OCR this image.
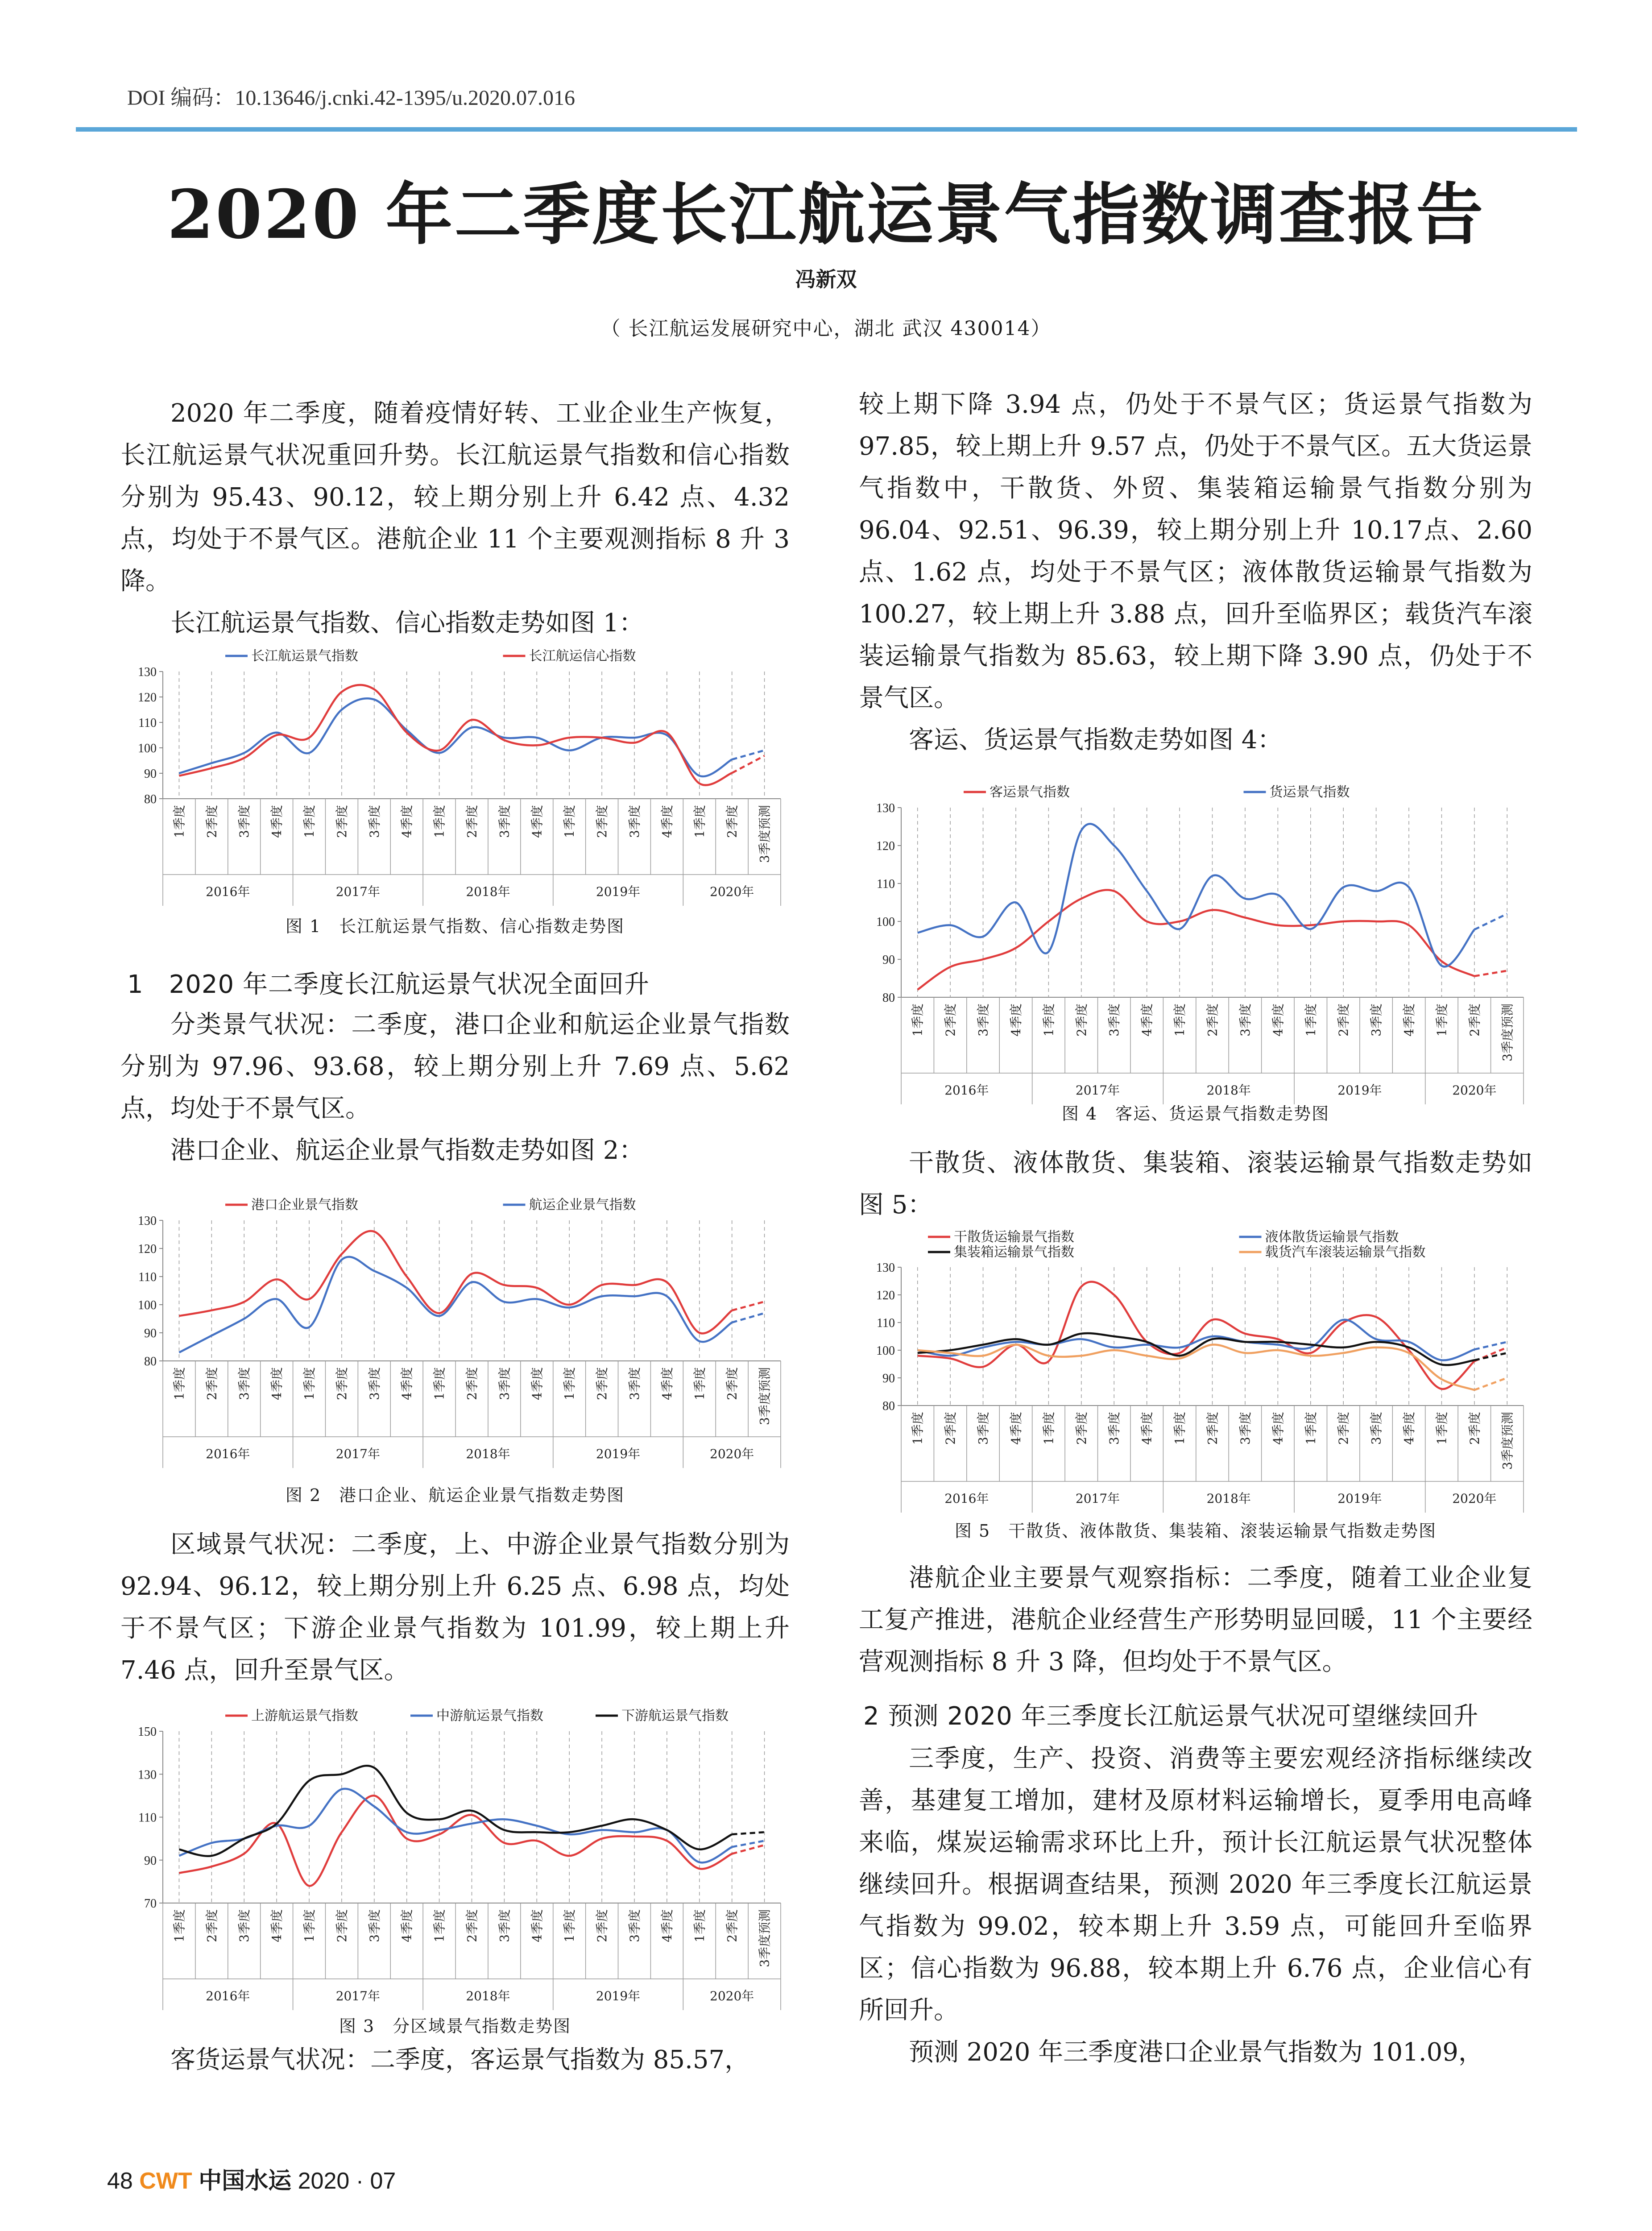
DOI 编码：10.13646/j.cnki.42-1395/u.2020.07.016
2020 年二季度长江航运景气指数调查报告
冯新双
（ 长江航运发展研究中心，湖北 武汉 430014）

2020 年二季度，随着疫情好转、工业企业生产恢复，长江航运景气状况重回升势。长江航运景气指数和信心指数分别为 95.43、90.12，较上期分别上升 6.42 点、4.32 点，均处于不景气区。港航企业 11 个主要观测指标 8 升 3 降。

长江航运景气指数、信心指数走势如图 1：

长江航运景气指数	长江航运信心指数
80
90
100
110
120
130
1季度 2季度 3季度 4季度 1季度 2季度 3季度 4季度 1季度 2季度 3季度 4季度 1季度 2季度 3季度 4季度 1季度 2季度 3季度预测
2016年	2017年	2018年	2019年	2020年
图 1　长江航运景气指数、信心指数走势图
1　2020 年二季度长江航运景气状况全面回升

分类景气状况：二季度，港口企业和航运企业景气指数分别为 97.96、93.68，较上期分别上升 7.69 点、5.62 点，均处于不景气区。

港口企业、航运企业景气指数走势如图 2：

港口企业景气指数	航运企业景气指数
80
90
100
110
120
130
1季度 2季度 3季度 4季度 1季度 2季度 3季度 4季度 1季度 2季度 3季度 4季度 1季度 2季度 3季度 4季度 1季度 2季度 3季度预测
2016年	2017年	2018年	2019年	2020年
图 2　港口企业、航运企业景气指数走势图

区域景气状况：二季度，上、中游企业景气指数分别为 92.94、96.12，较上期分别上升 6.25 点、6.98 点，均处于不景气区；下游企业景气指数为 101.99，较上期上升 7.46 点，回升至景气区。

上游航运景气指数	中游航运景气指数	下游航运景气指数
70
90
110
130
150
1季度 2季度 3季度 4季度 1季度 2季度 3季度 4季度 1季度 2季度 3季度 4季度 1季度 2季度 3季度 4季度 1季度 2季度 3季度预测
2016年	2017年	2018年	2019年	2020年
图 3　分区域景气指数走势图

客货运景气状况：二季度，客运景气指数为 85.57，

较上期下降 3.94 点，仍处于不景气区；货运景气指数为 97.85，较上期上升 9.57 点，仍处于不景气区。五大货运景气指数中，干散货、外贸、集装箱运输景气指数分别为96.04、92.51、96.39，较上期分别上升 10.17点、2.60点、1.62 点，均处于不景气区；液体散货运输景气指数为 100.27，较上期上升 3.88 点，回升至临界区；载货汽车滚装运输景气指数为 85.63，较上期下降 3.90 点，仍处于不景气区。

客运、货运景气指数走势如图 4：

客运景气指数	货运景气指数
80
90
100
110
120
130
1季度 2季度 3季度 4季度 1季度 2季度 3季度 4季度 1季度 2季度 3季度 4季度 1季度 2季度 3季度 4季度 1季度 2季度 3季度预测
2016年	2017年	2018年	2019年	2020年
图 4　客运、货运景气指数走势图

干散货、液体散货、集装箱、滚装运输景气指数走势如图 5：

干散货运输景气指数	液体散货运输景气指数
集装箱运输景气指数	载货汽车滚装运输景气指数
80
90
100
110
120
130
1季度 2季度 3季度 4季度 1季度 2季度 3季度 4季度 1季度 2季度 3季度 4季度 1季度 2季度 3季度 4季度 1季度 2季度 3季度预测
2016年	2017年	2018年	2019年	2020年
图 5　干散货、液体散货、集装箱、滚装运输景气指数走势图

港航企业主要景气观察指标：二季度，随着工业企业复工复产推进，港航企业经营生产形势明显回暖，11 个主要经营观测指标 8 升 3 降，但均处于不景气区。

2 预测 2020 年三季度长江航运景气状况可望继续回升

三季度，生产、投资、消费等主要宏观经济指标继续改善，基建复工增加，建材及原材料运输增长，夏季用电高峰来临，煤炭运输需求环比上升，预计长江航运景气状况整体继续回升。根据调查结果，预测 2020 年三季度长江航运景气指数为 99.02，较本期上升 3.59 点，可能回升至临界区；信心指数为 96.88，较本期上升 6.76 点，企业信心有所回升。

预测 2020 年三季度港口企业景气指数为 101.09，

48 CWT 中国水运 2020 · 07
